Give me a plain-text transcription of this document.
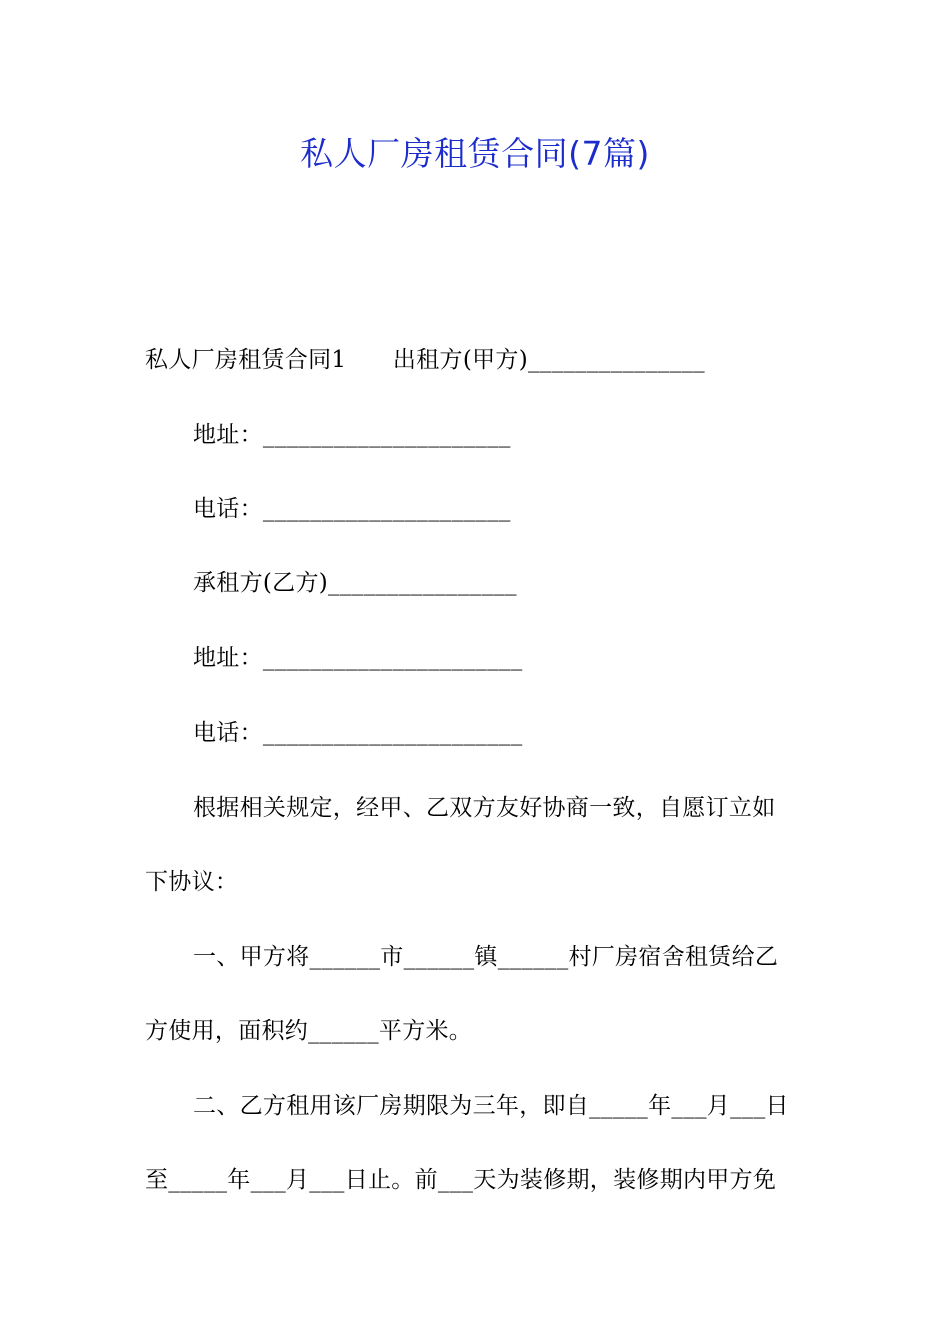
私人厂房租赁合同(7篇)
私人厂房租赁合同1　　出租方(甲方)_______________
地址：_____________________
电话：_____________________
承租方(乙方)________________
地址：______________________
电话：______________________
根据相关规定，经甲、乙双方友好协商一致，自愿订立如
下协议：
一、甲方将______市______镇______村厂房宿舍租赁给乙
方使用，面积约______平方米。
二、乙方租用该厂房期限为三年，即自_____年___月___日
至_____年___月___日止。前___天为装修期，装修期内甲方免
